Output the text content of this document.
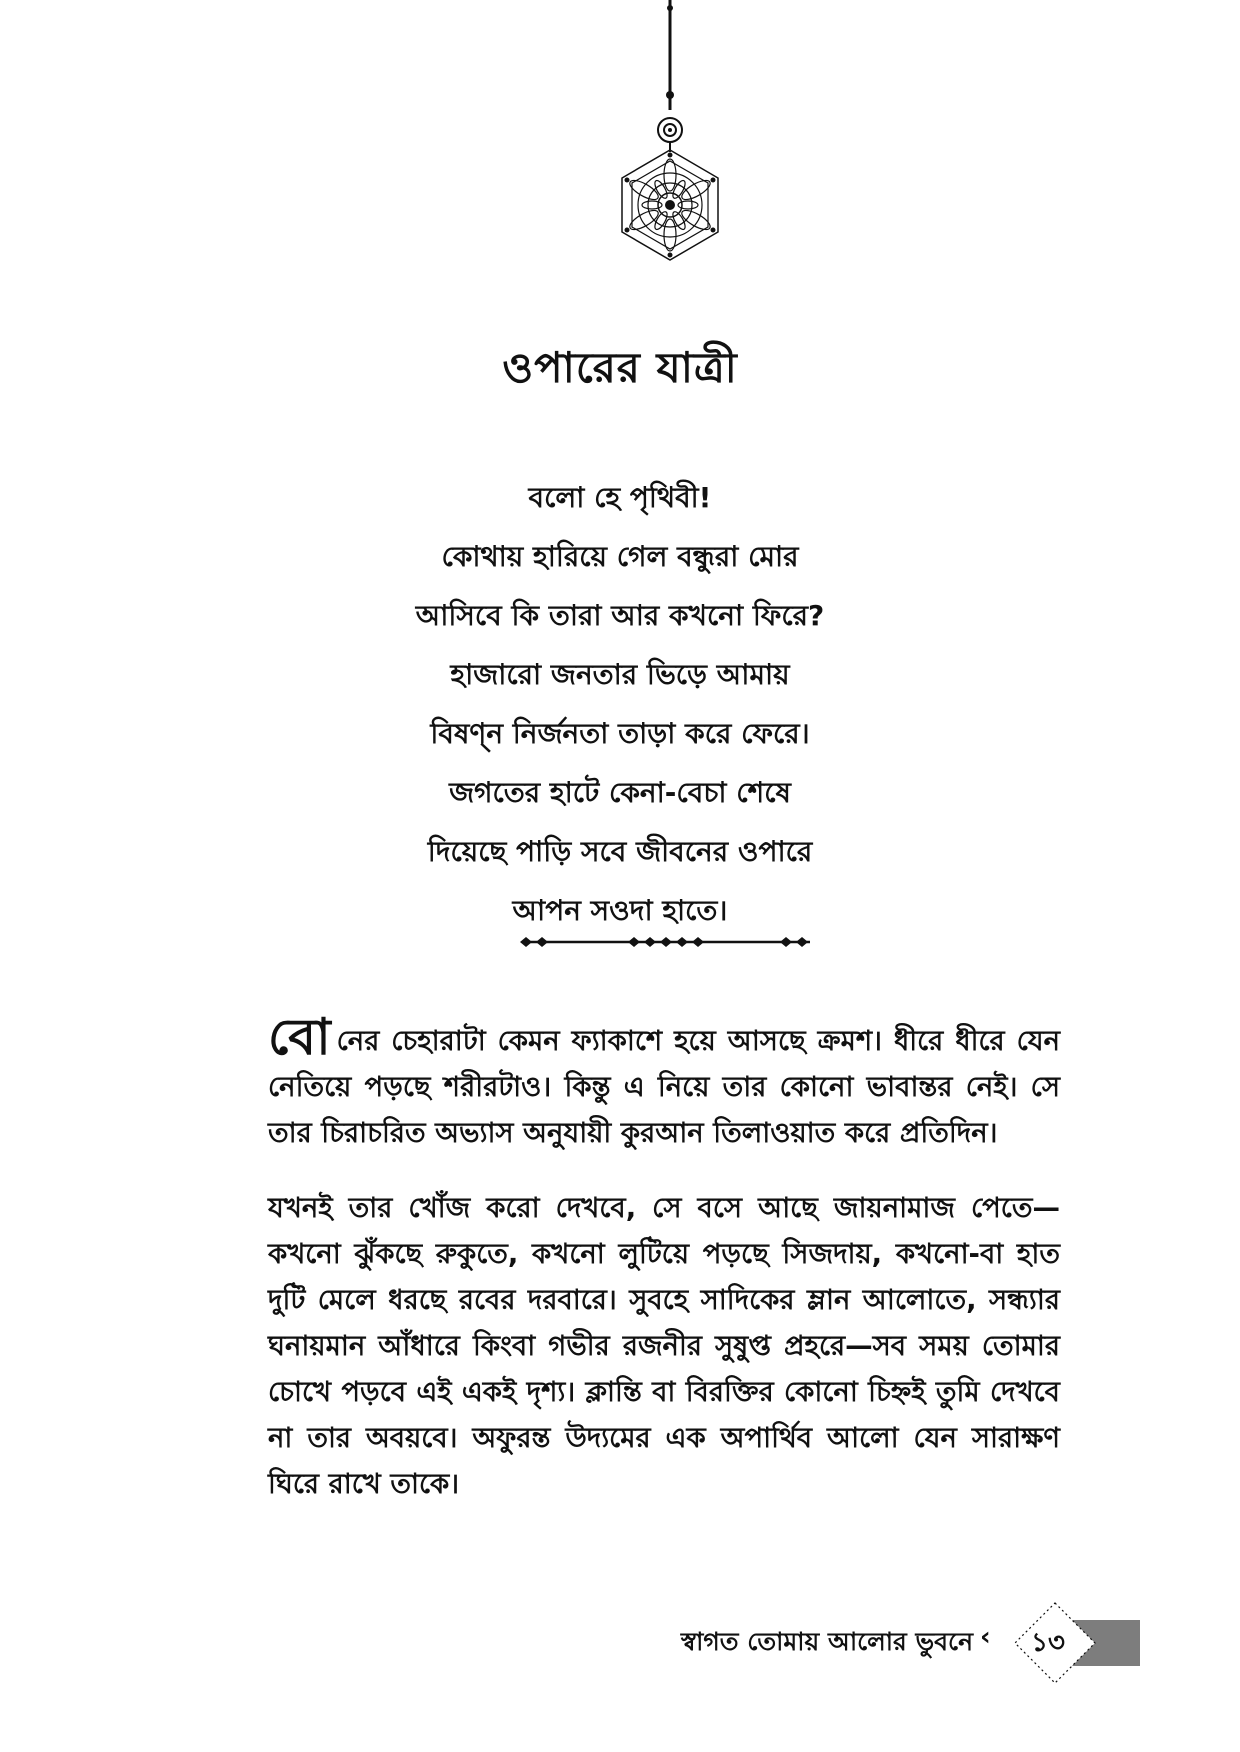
ওপারের যাত্রী
বলো হে পৃথিবী!
কোথায় হারিয়ে গেল বন্ধুরা মোর
আসিবে কি তারা আর কখনো ফিরে?
হাজারো জনতার ভিড়ে আমায়
বিষণ্ন নির্জনতা তাড়া করে ফেরে।
জগতের হাটে কেনা-বেচা শেষে
দিয়েছে পাড়ি সবে জীবনের ওপারে
আপন সওদা হাতে।

বোনের চেহারাটা কেমন ফ্যাকাশে হয়ে আসছে ক্রমশ। ধীরে ধীরে যেন নেতিয়ে পড়ছে শরীরটাও। কিন্তু এ নিয়ে তার কোনো ভাবান্তর নেই। সে তার চিরাচরিত অভ্যাস অনুযায়ী কুরআন তিলাওয়াত করে প্রতিদিন।

যখনই তার খোঁজ করো দেখবে, সে বসে আছে জায়নামাজ পেতে—কখনো ঝুঁকছে রুকুতে, কখনো লুটিয়ে পড়ছে সিজদায়, কখনো-বা হাত দুটি মেলে ধরছে রবের দরবারে। সুবহে সাদিকের ম্লান আলোতে, সন্ধ্যার ঘনায়মান আঁধারে কিংবা গভীর রজনীর সুষুপ্ত প্রহরে—সব সময় তোমার চোখে পড়বে এই একই দৃশ্য। ক্লান্তি বা বিরক্তির কোনো চিহ্নই তুমি দেখবে না তার অবয়বে। অফুরন্ত উদ্যমের এক অপার্থিব আলো যেন সারাক্ষণ ঘিরে রাখে তাকে।

স্বাগত তোমায় আলোর ভুবনে ‹	১৩
